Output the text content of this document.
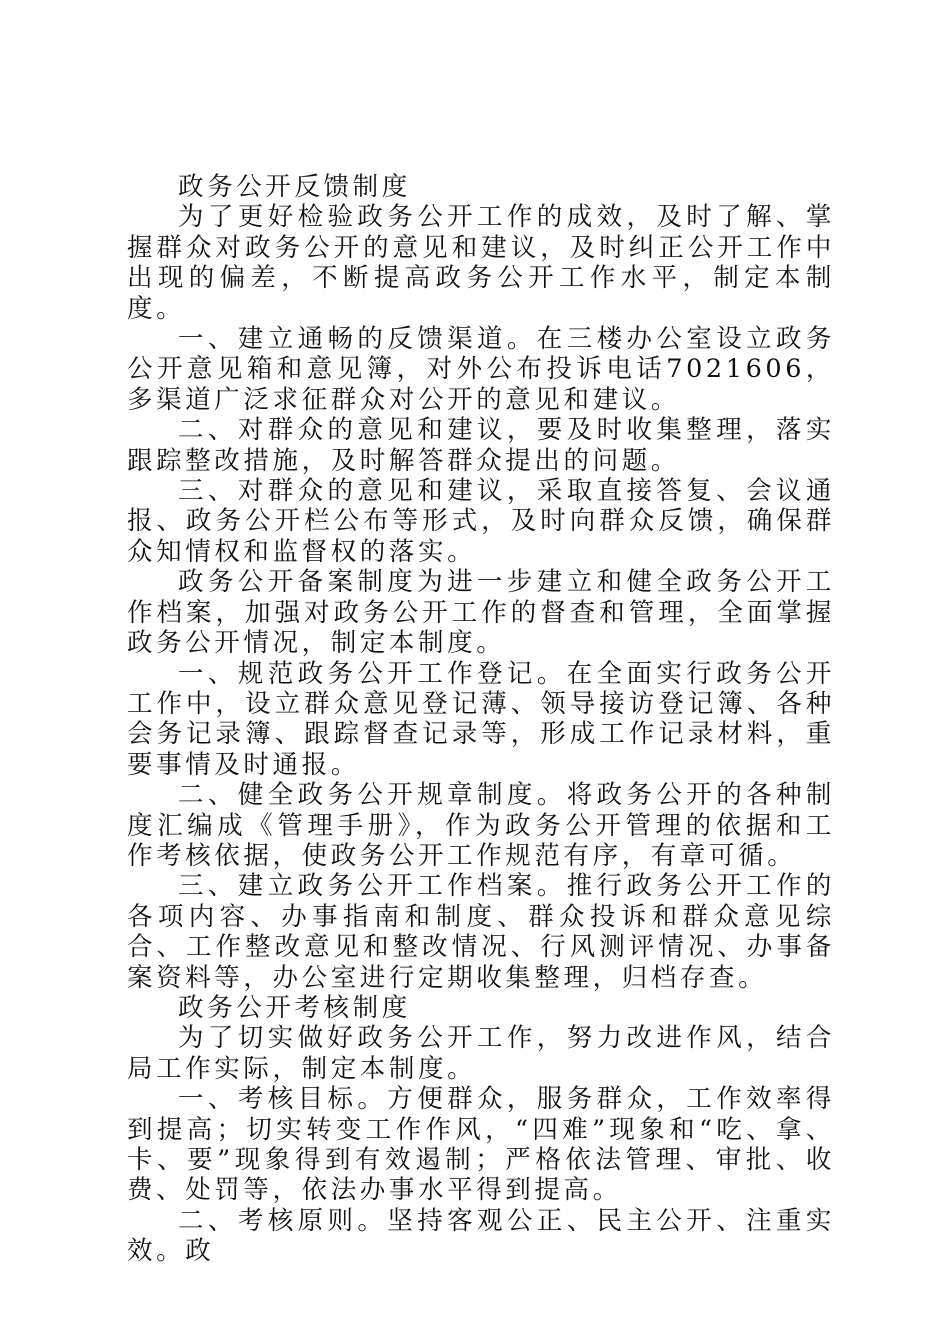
政务公开反馈制度

为了更好检验政务公开工作的成效，及时了解、掌握群众对政务公开的意见和建议，及时纠正公开工作中出现的偏差，不断提高政务公开工作水平，制定本制度。

一、建立通畅的反馈渠道。在三楼办公室设立政务公开意见箱和意见簿，对外公布投诉电话7021606，多渠道广泛求征群众对公开的意见和建议。

二、对群众的意见和建议，要及时收集整理，落实跟踪整改措施，及时解答群众提出的问题。

三、对群众的意见和建议，采取直接答复、会议通报、政务公开栏公布等形式，及时向群众反馈，确保群众知情权和监督权的落实。

政务公开备案制度为进一步建立和健全政务公开工作档案，加强对政务公开工作的督查和管理，全面掌握政务公开情况，制定本制度。

一、规范政务公开工作登记。在全面实行政务公开工作中，设立群众意见登记薄、领导接访登记簿、各种会务记录簿、跟踪督查记录等，形成工作记录材料，重要事情及时通报。

二、健全政务公开规章制度。将政务公开的各种制度汇编成《管理手册》，作为政务公开管理的依据和工作考核依据，使政务公开工作规范有序，有章可循。

三、建立政务公开工作档案。推行政务公开工作的各项内容、办事指南和制度、群众投诉和群众意见综合、工作整改意见和整改情况、行风测评情况、办事备案资料等，办公室进行定期收集整理，归档存查。

政务公开考核制度

为了切实做好政务公开工作，努力改进作风，结合局工作实际，制定本制度。

一、考核目标。方便群众，服务群众，工作效率得到提高；切实转变工作作风，“四难”现象和“吃、拿、卡、要”现象得到有效遏制；严格依法管理、审批、收费、处罚等，依法办事水平得到提高。

二、考核原则。坚持客观公正、民主公开、注重实效。政
